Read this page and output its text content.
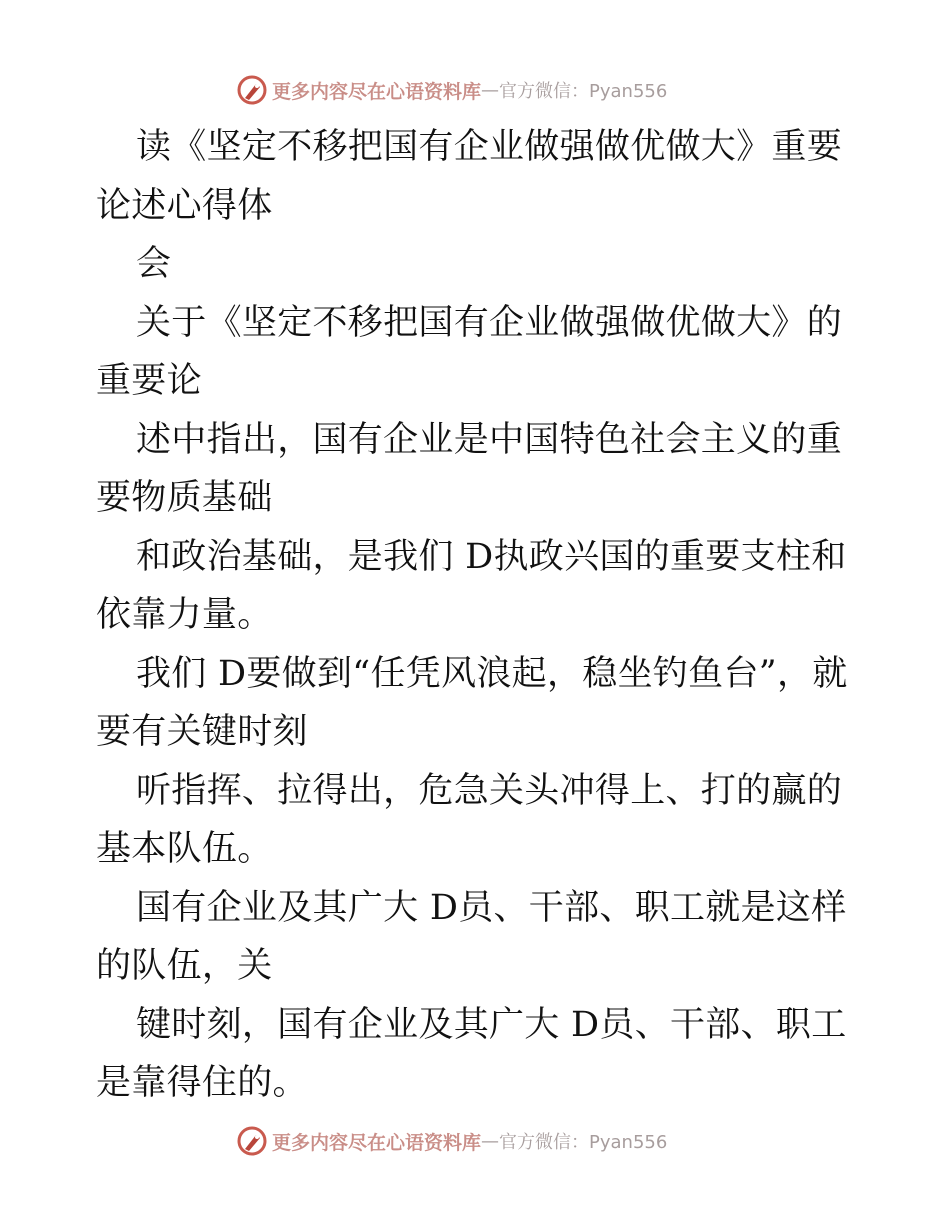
更多内容尽在心语资料库 — 官方微信：Pyan556

读《坚定不移把国有企业做强做优做大》重要论述心得体

会

关于《坚定不移把国有企业做强做优做大》的重要论

述中指出，国有企业是中国特色社会主义的重要物质基础

和政治基础，是我们 D执政兴国的重要支柱和依靠力量。

我们 D要做到“任凭风浪起，稳坐钓鱼台”，就要有关键时刻

听指挥、拉得出，危急关头冲得上、打的赢的基本队伍。

国有企业及其广大 D员、干部、职工就是这样的队伍，关

键时刻，国有企业及其广大 D员、干部、职工是靠得住的。

更多内容尽在心语资料库 — 官方微信：Pyan556
